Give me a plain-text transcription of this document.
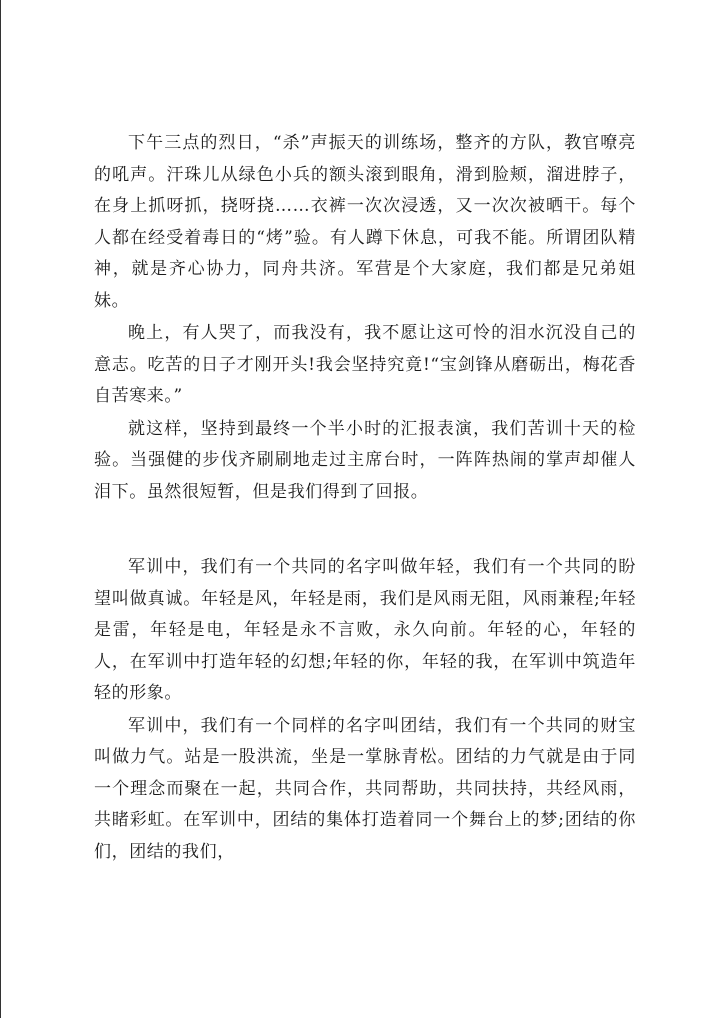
下午三点的烈日，“杀”声振天的训练场，整齐的方队，教官嘹亮的吼声。汗珠儿从绿色小兵的额头滚到眼角，滑到脸颊，溜进脖子，在身上抓呀抓，挠呀挠……衣裤一次次浸透，又一次次被晒干。每个人都在经受着毒日的“烤”验。有人蹲下休息，可我不能。所谓团队精神，就是齐心协力，同舟共济。军营是个大家庭，我们都是兄弟姐妹。

晚上，有人哭了，而我没有，我不愿让这可怜的泪水沉没自己的意志。吃苦的日子才刚开头!我会坚持究竟!“宝剑锋从磨砺出，梅花香自苦寒来。”

就这样，坚持到最终一个半小时的汇报表演，我们苦训十天的检验。当强健的步伐齐刷刷地走过主席台时，一阵阵热闹的掌声却催人泪下。虽然很短暂，但是我们得到了回报。

军训中，我们有一个共同的名字叫做年轻，我们有一个共同的盼望叫做真诚。年轻是风，年轻是雨，我们是风雨无阻，风雨兼程;年轻是雷，年轻是电，年轻是永不言败，永久向前。年轻的心，年轻的人，在军训中打造年轻的幻想;年轻的你，年轻的我，在军训中筑造年轻的形象。

军训中，我们有一个同样的名字叫团结，我们有一个共同的财宝叫做力气。站是一股洪流，坐是一掌脉青松。团结的力气就是由于同一个理念而聚在一起，共同合作，共同帮助，共同扶持，共经风雨，共睹彩虹。在军训中，团结的集体打造着同一个舞台上的梦;团结的你们，团结的我们，
